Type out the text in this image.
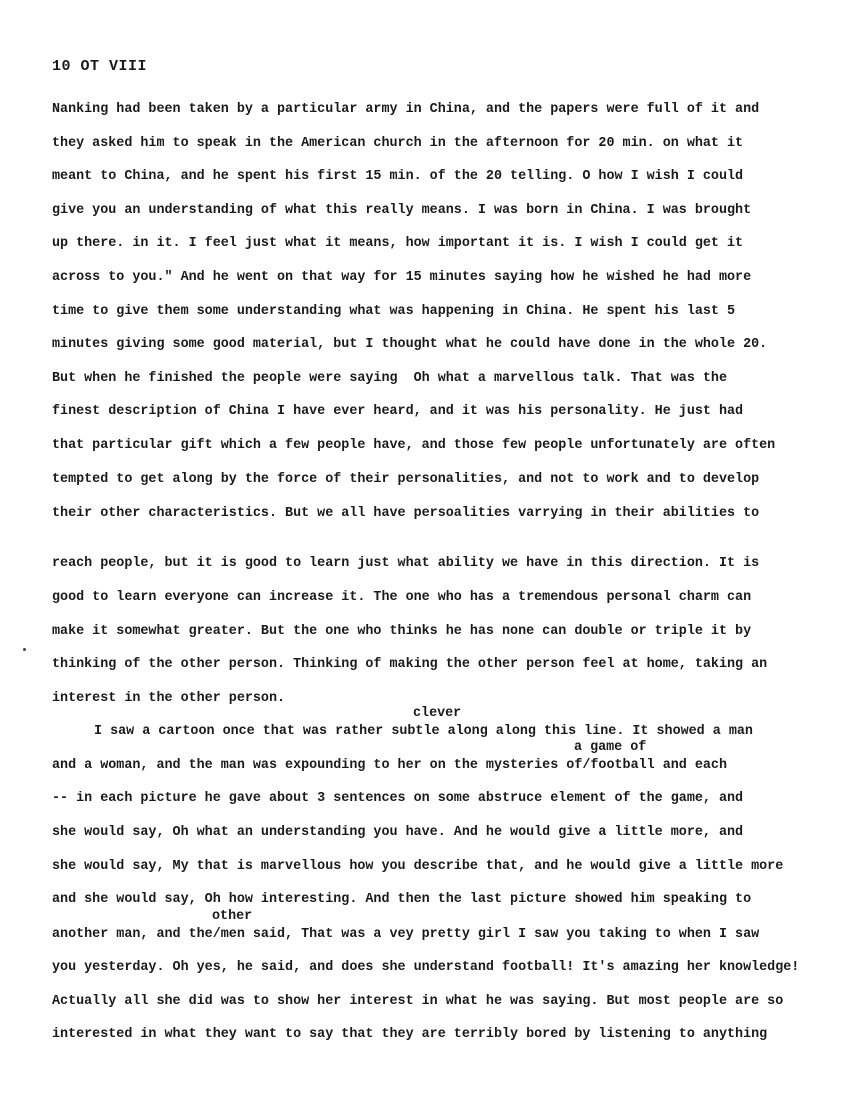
10 OT VIII
Nanking had been taken by a particular army in China, and the papers were full of it and
they asked him to speak in the American church in the afternoon for 20 min. on what it
meant to China, and he spent his first 15 min. of the 20 telling. O how I wish I could
give you an understanding of what this really means. I was born in China. I was brought
up there. in it. I feel just what it means, how important it is. I wish I could get it
across to you." And he went on that way for 15 minutes saying how he wished he had more
time to give them some understanding what was happening in China. He spent his last 5
minutes giving some good material, but I thought what he could have done in the whole 20.
But when he finished the people were saying  Oh what a marvellous talk. That was the
finest description of China I have ever heard, and it was his personality. He just had
that particular gift which a few people have, and those few people unfortunately are often
tempted to get along by the force of their personalities, and not to work and to develop
their other characteristics. But we all have persoalities varrying in their abilities to
reach people, but it is good to learn just what ability we have in this direction. It is
good to learn everyone can increase it. The one who has a tremendous personal charm can
make it somewhat greater. But the one who thinks he has none can double or triple it by
thinking of the other person. Thinking of making the other person feel at home, taking an
interest in the other person.
clever
I saw a cartoon once that was rather subtle along along this line. It showed a man
a game of
and a woman, and the man was expounding to her on the mysteries of/football and each
-- in each picture he gave about 3 sentences on some abstruce element of the game, and
she would say, Oh what an understanding you have. And he would give a little more, and
she would say, My that is marvellous how you describe that, and he would give a little more
and she would say, Oh how interesting. And then the last picture showed him speaking to
other
another man, and the/men said, That was a vey pretty girl I saw you taking to when I saw
you yesterday. Oh yes, he said, and does she understand football! It's amazing her knowledge!
Actually all she did was to show her interest in what he was saying. But most people are so
interested in what they want to say that they are terribly bored by listening to anything
